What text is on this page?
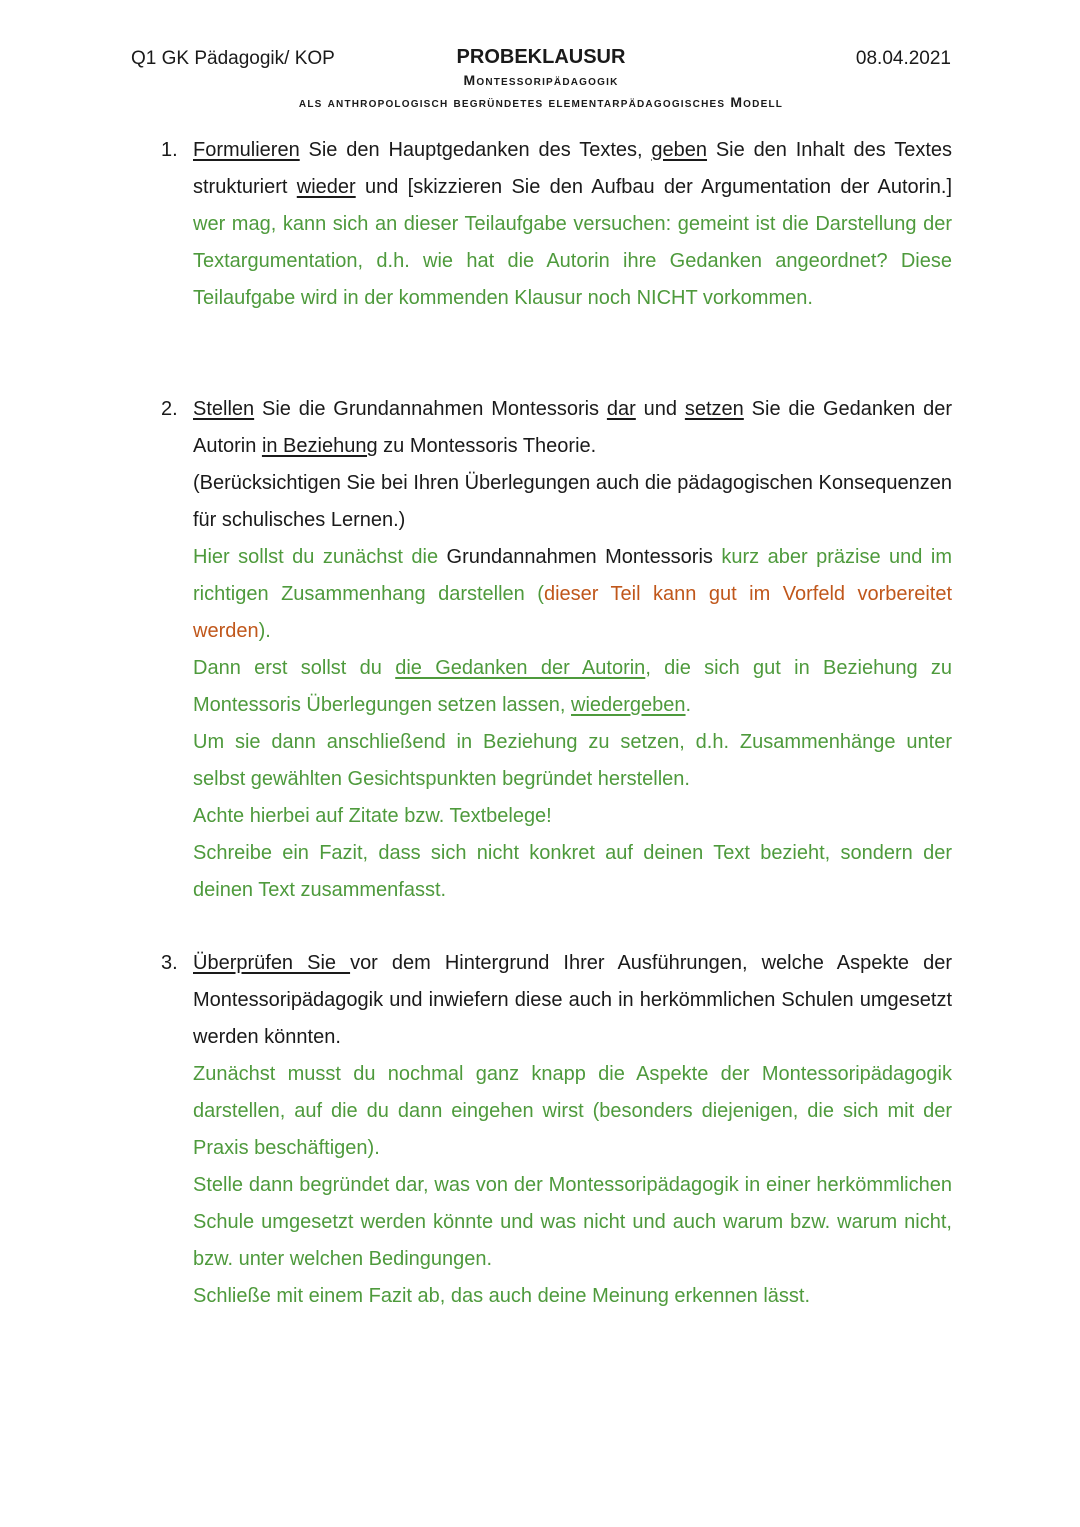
Q1 GK Pädagogik/ KOP	PROBEKLAUSUR	08.04.2021
Montessoripädagogik
als anthropologisch begründetes elementarpädagogisches Modell
1. Formulieren Sie den Hauptgedanken des Textes, geben Sie den Inhalt des Textes strukturiert wieder und [skizzieren Sie den Aufbau der Argumentation der Autorin.] wer mag, kann sich an dieser Teilaufgabe versuchen: gemeint ist die Darstellung der Textargumentation, d.h. wie hat die Autorin ihre Gedanken angeordnet? Diese Teilaufgabe wird in der kommenden Klausur noch NICHT vorkommen.
2. Stellen Sie die Grundannahmen Montessoris dar und setzen Sie die Gedanken der Autorin in Beziehung zu Montessoris Theorie.
(Berücksichtigen Sie bei Ihren Überlegungen auch die pädagogischen Konsequenzen für schulisches Lernen.)
Hier sollst du zunächst die Grundannahmen Montessoris kurz aber präzise und im richtigen Zusammenhang darstellen (dieser Teil kann gut im Vorfeld vorbereitet werden).
Dann erst sollst du die Gedanken der Autorin, die sich gut in Beziehung zu Montessoris Überlegungen setzen lassen, wiedergeben.
Um sie dann anschließend in Beziehung zu setzen, d.h. Zusammenhänge unter selbst gewählten Gesichtspunkten begründet herstellen.
Achte hierbei auf Zitate bzw. Textbelege!
Schreibe ein Fazit, dass sich nicht konkret auf deinen Text bezieht, sondern der deinen Text zusammenfasst.
3. Überprüfen Sie vor dem Hintergrund Ihrer Ausführungen, welche Aspekte der Montessoripädagogik und inwiefern diese auch in herkömmlichen Schulen umgesetzt werden könnten.
Zunächst musst du nochmal ganz knapp die Aspekte der Montessoripädagogik darstellen, auf die du dann eingehen wirst (besonders diejenigen, die sich mit der Praxis beschäftigen).
Stelle dann begründet dar, was von der Montessoripädagogik in einer herkömmlichen Schule umgesetzt werden könnte und was nicht und auch warum bzw. warum nicht, bzw. unter welchen Bedingungen.
Schließe mit einem Fazit ab, das auch deine Meinung erkennen lässt.
